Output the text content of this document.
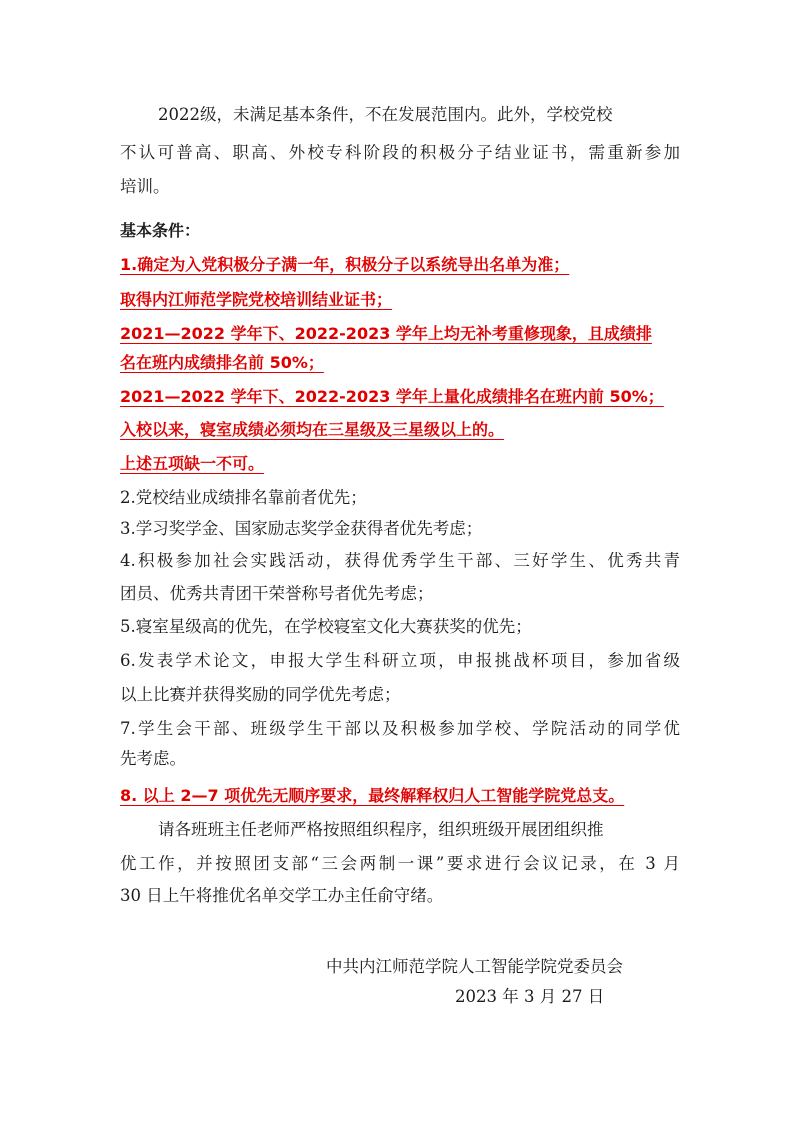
2022级，未满足基本条件，不在发展范围内。此外，学校党校
不认可普高、职高、外校专科阶段的积极分子结业证书，需重新参加
培训。
基本条件：
1.确定为入党积极分子满一年，积极分子以系统导出名单为准；
取得内江师范学院党校培训结业证书；
2021—2022 学年下、2022-2023 学年上均无补考重修现象，且成绩排
名在班内成绩排名前 50%；
2021—2022 学年下、2022-2023 学年上量化成绩排名在班内前 50%；
入校以来，寝室成绩必须均在三星级及三星级以上的。
上述五项缺一不可。
2.党校结业成绩排名靠前者优先；
3.学习奖学金、国家励志奖学金获得者优先考虑；
4.积极参加社会实践活动，获得优秀学生干部、三好学生、优秀共青
团员、优秀共青团干荣誉称号者优先考虑；
5.寝室星级高的优先，在学校寝室文化大赛获奖的优先；
6.发表学术论文，申报大学生科研立项，申报挑战杯项目，参加省级
以上比赛并获得奖励的同学优先考虑；
7.学生会干部、班级学生干部以及积极参加学校、学院活动的同学优
先考虑。
8. 以上 2—7 项优先无顺序要求，最终解释权归人工智能学院党总支。
请各班班主任老师严格按照组织程序，组织班级开展团组织推
优工作，并按照团支部“三会两制一课”要求进行会议记录，在 3 月
30 日上午将推优名单交学工办主任俞守绪。
中共内江师范学院人工智能学院党委员会
2023 年 3 月 27 日
